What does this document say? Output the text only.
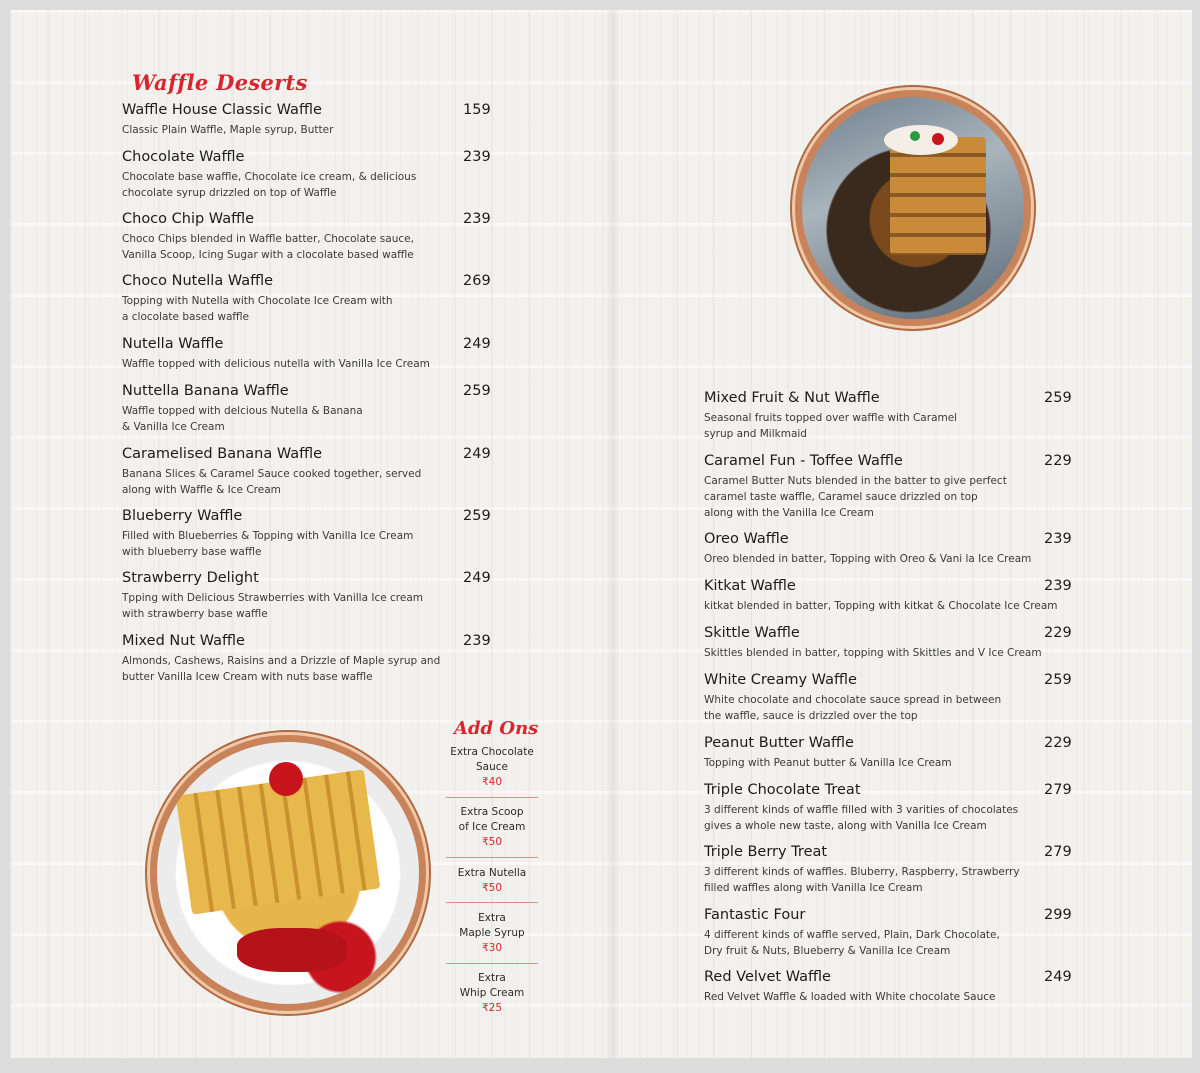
Waffle Deserts
Waffle House Classic Waffle	159
Classic Plain Waffle, Maple syrup, Butter
Chocolate Waffle	239
Chocolate base waffle, Chocolate ice cream, & delicious
chocolate syrup drizzled on top of Waffle
Choco Chip Waffle	239
Choco Chips blended in Waffle batter, Chocolate sauce,
Vanilla Scoop, Icing Sugar with a clocolate based waffle
Choco Nutella Waffle	269
Topping with Nutella with Chocolate Ice Cream with
a clocolate based waffle
Nutella Waffle	249
Waffle topped with delicious nutella with Vanilla Ice Cream
Nuttella Banana Waffle	259
Waffle topped with delcious Nutella & Banana
& Vanilla Ice Cream
Caramelised Banana Waffle	249
Banana Slices & Caramel Sauce cooked together, served
along with Waffle & Ice Cream
Blueberry Waffle	259
Filled with Blueberries & Topping with Vanilla Ice Cream
with blueberry base waffle
Strawberry Delight	249
Tpping with Delicious Strawberries with Vanilla Ice cream
with strawberry base waffle
Mixed Nut Waffle	239
Almonds, Cashews, Raisins and a Drizzle of Maple syrup and
butter Vanilla Icew Cream with nuts base waffle
Mixed Fruit & Nut Waffle	259
Seasonal fruits topped over waffle with Caramel
syrup and Milkmaid
Caramel Fun - Toffee Waffle	229
Caramel Butter Nuts blended in the batter to give perfect
caramel taste waffle, Caramel sauce drizzled on top
along with the Vanilla Ice Cream
Oreo Waffle	239
Oreo blended in batter, Topping with Oreo & Vani la Ice Cream
Kitkat Waffle	239
kitkat blended in batter, Topping with kitkat & Chocolate Ice Cream
Skittle Waffle	229
Skittles blended in batter, topping with Skittles and V Ice Cream
White Creamy Waffle	259
White chocolate and chocolate sauce spread in between
the waffle, sauce is drizzled over the top
Peanut Butter Waffle	229
Topping with Peanut butter & Vanilla Ice Cream
Triple Chocolate Treat	279
3 different kinds of waffle filled with 3 varities of chocolates
gives a whole new taste, along with Vanilla Ice Cream
Triple Berry Treat	279
3 different kinds of waffles. Bluberry, Raspberry, Strawberry
filled waffles along with Vanilla Ice Cream
Fantastic Four	299
4 different kinds of waffle served, Plain, Dark Chocolate,
Dry fruit & Nuts, Blueberry & Vanilla Ice Cream
Red Velvet Waffle	249
Red Velvet Waffle & loaded with White chocolate Sauce
Add Ons
Extra Chocolate
Sauce
₹40
Extra Scoop
of Ice Cream
₹50
Extra Nutella
₹50
Extra
Maple Syrup
₹30
Extra
Whip Cream
₹25
